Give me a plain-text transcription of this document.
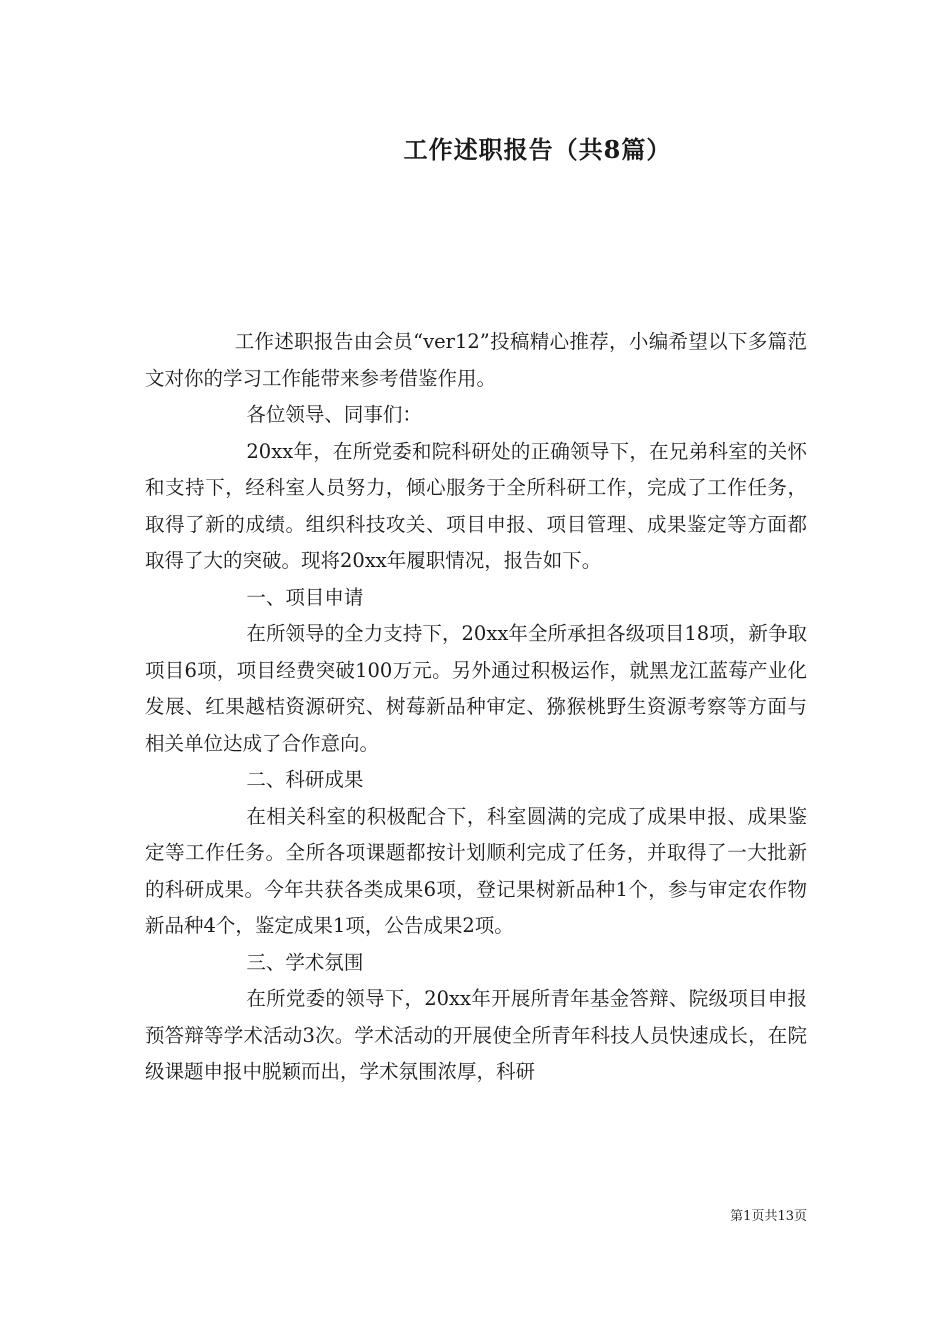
工作述职报告（共8篇）

工作述职报告由会员“ver12”投稿精心推荐，小编希望以下多篇范文对你的学习工作能带来参考借鉴作用。

各位领导、同事们：

20xx年，在所党委和院科研处的正确领导下，在兄弟科室的关怀和支持下，经科室人员努力，倾心服务于全所科研工作，完成了工作任务，取得了新的成绩。组织科技攻关、项目申报、项目管理、成果鉴定等方面都取得了大的突破。现将20xx年履职情况，报告如下。

一、项目申请

在所领导的全力支持下，20xx年全所承担各级项目18项，新争取项目6项，项目经费突破100万元。另外通过积极运作，就黑龙江蓝莓产业化发展、红果越桔资源研究、树莓新品种审定、猕猴桃野生资源考察等方面与相关单位达成了合作意向。

二、科研成果

在相关科室的积极配合下，科室圆满的完成了成果申报、成果鉴定等工作任务。全所各项课题都按计划顺利完成了任务，并取得了一大批新的科研成果。今年共获各类成果6项，登记果树新品种1个，参与审定农作物新品种4个，鉴定成果1项，公告成果2项。

三、学术氛围

在所党委的领导下，20xx年开展所青年基金答辩、院级项目申报预答辩等学术活动3次。学术活动的开展使全所青年科技人员快速成长，在院级课题申报中脱颖而出，学术氛围浓厚，科研

第1页共13页
